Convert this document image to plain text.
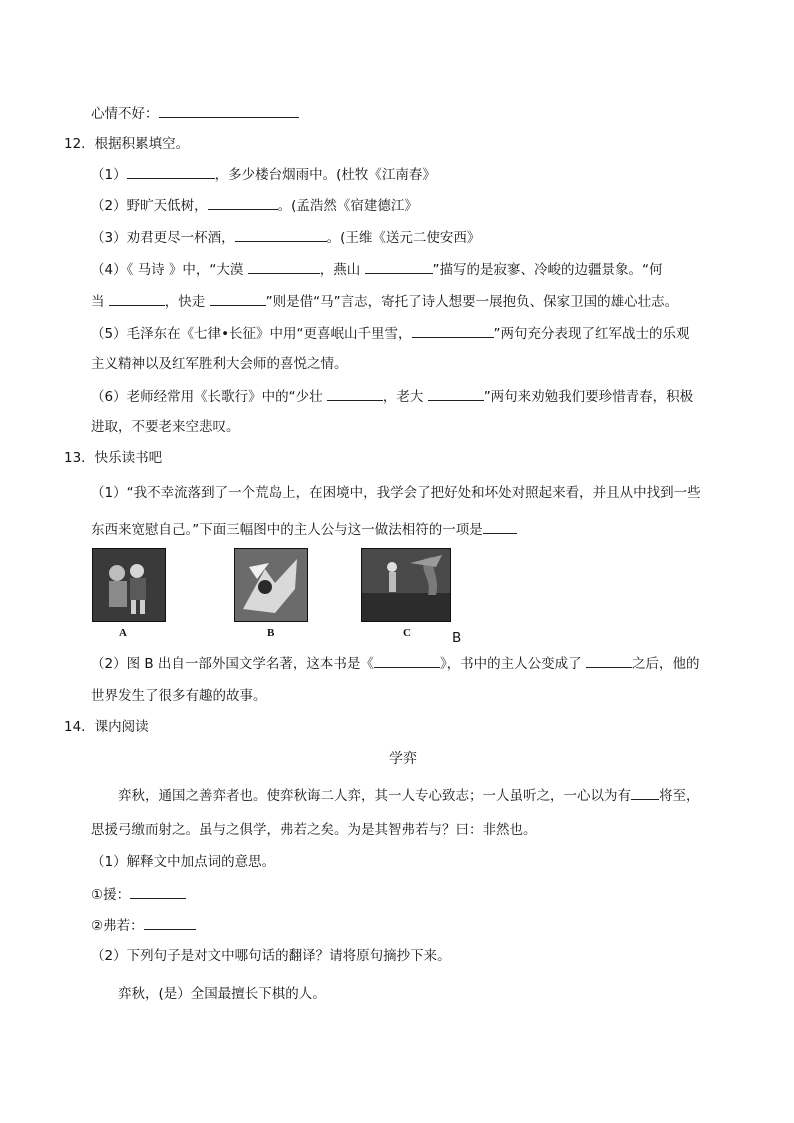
心情不好：
12．根据积累填空。
（1）	，多少楼台烟雨中。(杜牧《江南春》
（2）野旷天低树，	。(孟浩然《宿建德江》
（3）劝君更尽一杯酒，	。(王维《送元二使安西》
（4）《 马诗 》中，“大漠	，燕山	”描写的是寂寥、冷峻的边疆景象。“何
当	，快走	”则是借“马”言志，寄托了诗人想要一展抱负、保家卫国的雄心壮志。
（5）毛泽东在《七律•长征》中用“更喜岷山千里雪，	”两句充分表现了红军战士的乐观
主义精神以及红军胜利大会师的喜悦之情。
（6）老师经常用《长歌行》中的“少壮	，老大	”两句来劝勉我们要珍惜青春，积极
进取，不要老来空悲叹。
13．快乐读书吧
（1）“我不幸流落到了一个荒岛上，在困境中，我学会了把好处和坏处对照起来看，并且从中找到一些
东西来宽慰自己。”下面三幅图中的主人公与这一做法相符的一项是
A	B	C	B
（2）图 B 出自一部外国文学名著，这本书是《	》，书中的主人公变成了	之后，他的
世界发生了很多有趣的故事。
14．课内阅读
学弈
弈秋，通国之善弈者也。使弈秋诲二人弈，其一人专心致志；一人虽听之，一心以为有 将至，
思援弓缴而射之。虽与之俱学，弗若之矣。为是其智弗若与？曰：非然也。
（1）解释文中加点词的意思。
①援：
②弗若：
（2）下列句子是对文中哪句话的翻译？请将原句摘抄下来。
弈秋，(是）全国最擅长下棋的人。
